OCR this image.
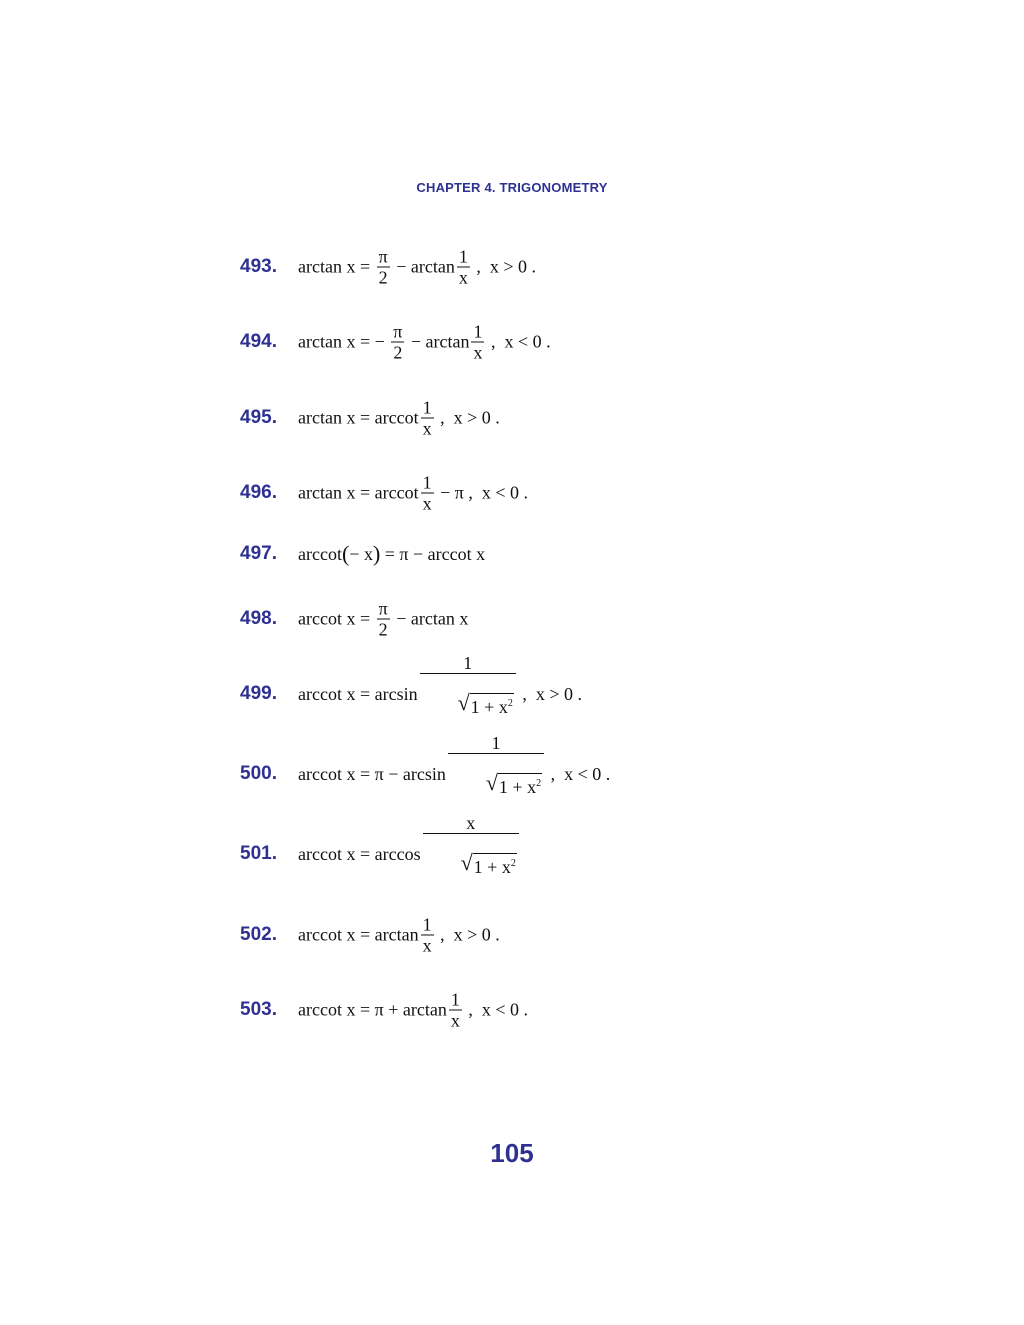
CHAPTER 4. TRIGONOMETRY
493. $\arctan x = \frac{\pi}{2} - \arctan \frac{1}{x}$ ,  x > 0 .
494. arctan x = − $\frac{\pi}{2} - \arctan \frac{1}{x}$ ,  x < 0 .
495. arctan x = arccot $\frac{1}{x}$ ,  x > 0 .
496. arctan x = arccot $\frac{1}{x} - \pi$ ,  x < 0 .
497. arccot ( − x ) = π − arccot x
498. arccot $x = \frac{\pi}{2} - \arctan x$
499. arccot $x = \arcsin \frac{1}{√ 1 + x^2}$

,  x > 0 .
500. arccot $x = \pi - \arcsin \frac{1}{√ 1 + x^2}$

,  x < 0 .
501. arccot $x = \arccos \frac{x}{√ 1 + x^2}$

502. arccot $x = \arctan \frac{1}{x}$ ,  x > 0 .
503. arccot $x = \pi + \arctan \frac{1}{x}$ ,  x < 0 .
105
